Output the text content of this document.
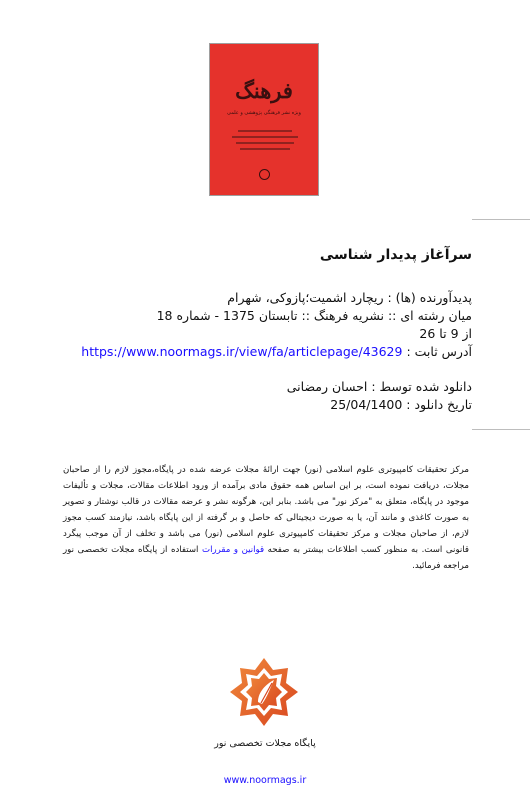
فرهنگ
ویژه نشر فرهنگی پژوهشی و علمی
سرآغاز پدیدار شناسی
پدیدآورنده (ها) : ریچارد اشمیت؛پازوکی، شهرام
میان رشته ای :: نشریه فرهنگ :: تابستان 1375 - شماره 18
از 9 تا 26
https://www.noormags.ir/view/fa/articlepage/43629 آدرس ثابت :
دانلود شده توسط : احسان رمضانی
تاریخ دانلود : 25/04/1400
مرکز تحقیقات کامپیوتری علوم اسلامی (نور) جهت ارائهٔ مجلات عرضه شده در پایگاه،مجوز لازم را از صاحبان مجلات، دریافت نموده است، بر این اساس همه حقوق مادی برآمده از ورود اطلاعات مقالات، مجلات و تألیفات موجود در پایگاه، متعلق به "مرکز نور" می باشد. بنابر این، هرگونه نشر و عرضه مقالات در قالب نوشتار و تصویر به صورت کاغذی و مانند آن، یا به صورت دیجیتالی که حاصل و بر گرفته از این پایگاه باشد، نیازمند کسب مجوز لازم، از صاحبان مجلات و مرکز تحقیقات کامپیوتری علوم اسلامی (نور) می باشد و تخلف از آن موجب پیگرد قانونی است. به منظور کسب اطلاعات بیشتر به صفحه قوانین و مقررات استفاده از پایگاه مجلات تخصصی نور مراجعه فرمائید.
پایگاه مجلات تخصصی نور
www.noormags.ir
